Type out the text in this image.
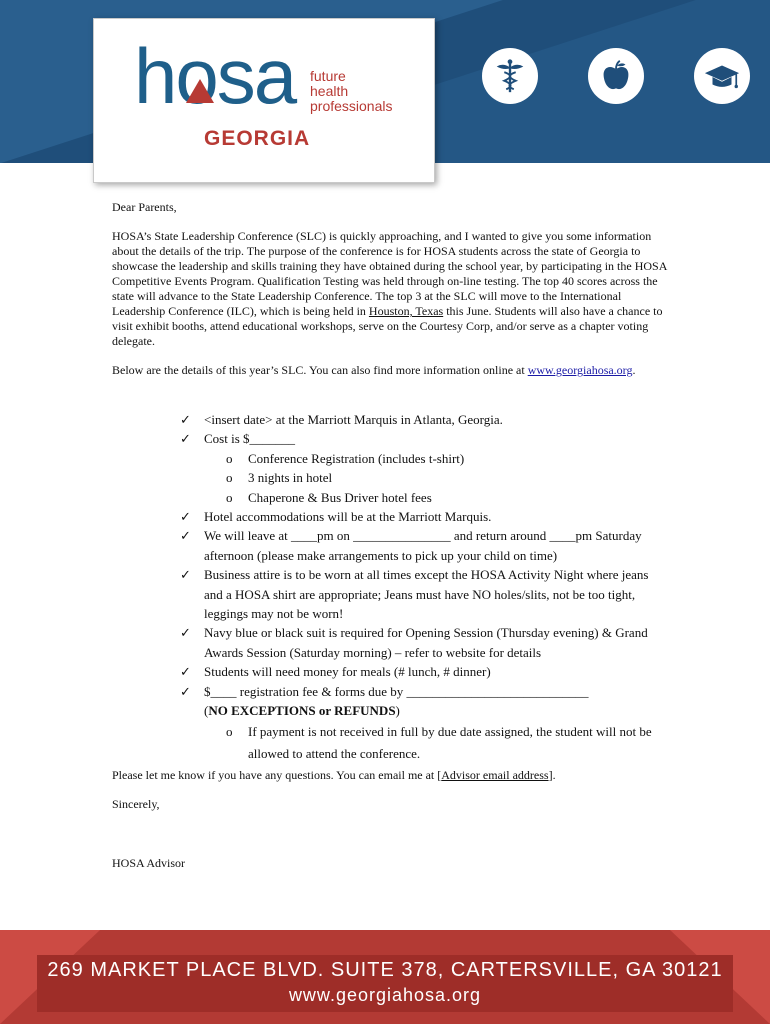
hosa future
health
professionals
GEORGIA

Dear Parents,

HOSA’s State Leadership Conference (SLC) is quickly approaching, and I wanted to give you some information about the details of the trip. The purpose of the conference is for HOSA students across the state of Georgia to showcase the leadership and skills training they have obtained during the school year, by participating in the HOSA Competitive Events Program. Qualification Testing was held through on-line testing. The top 40 scores across the state will advance to the State Leadership Conference. The top 3 at the SLC will move to the International Leadership Conference (ILC), which is being held in Houston, Texas this June. Students will also have a chance to visit exhibit booths, attend educational workshops, serve on the Courtesy Corp, and/or serve as a chapter voting delegate.

Below are the details of this year’s SLC. You can also find more information online at www.georgiahosa.org.

✓ <insert date> at the Marriott Marquis in Atlanta, Georgia.
✓ Cost is $_______
o Conference Registration (includes t-shirt)
o 3 nights in hotel
o Chaperone & Bus Driver hotel fees
✓ Hotel accommodations will be at the Marriott Marquis.
✓ We will leave at ____pm on _______________ and return around ____pm Saturday afternoon (please make arrangements to pick up your child on time)
✓ Business attire is to be worn at all times except the HOSA Activity Night where jeans and a HOSA shirt are appropriate; Jeans must have NO holes/slits, not be too tight, leggings may not be worn!
✓ Navy blue or black suit is required for Opening Session (Thursday evening) & Grand Awards Session (Saturday morning) – refer to website for details
✓ Students will need money for meals (# lunch, # dinner)
✓ $____ registration fee & forms due by ____________________________
(NO EXCEPTIONS or REFUNDS)
o If payment is not received in full by due date assigned, the student will not be allowed to attend the conference.
Please let me know if you have any questions. You can email me at [Advisor email address].
Sincerely,
HOSA Advisor
269 MARKET PLACE BLVD. SUITE 378, CARTERSVILLE, GA 30121
www.georgiahosa.org
